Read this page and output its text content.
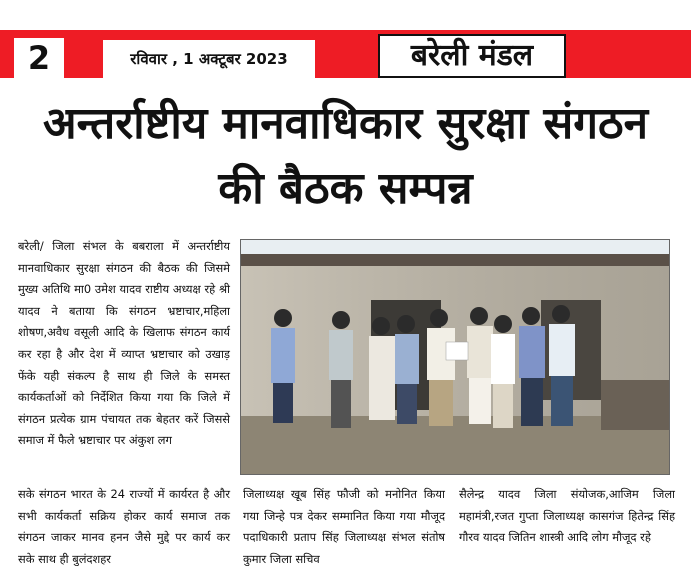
2	रविवार , 1 अक्टूबर 2023	बरेली मंडल
अन्तर्राष्टीय मानवाधिकार सुरक्षा संगठन
की बैठक सम्पन्न

बरेली/ जिला संभल के बबराला में अन्तर्राष्टीय मानवाधिकार सुरक्षा संगठन की बैठक की जिसमे मुख्य अतिथि मा0 उमेश यादव राष्टीय अध्यक्ष रहे श्री यादव ने बताया कि संगठन भ्रष्टाचार,महिला शोषण,अवैध वसूली आदि के खिलाफ संगठन कार्य कर रहा है और देश में व्याप्त भ्रष्टाचार को उखाड़ फेंके यही संकल्प है साथ ही जिले के समस्त कार्यकर्ताओं को निर्देशित किया गया कि जिले में संगठन प्रत्येक ग्राम पंचायत तक बेहतर करें जिससे समाज में फैले भ्रष्टाचार पर अंकुश लग

सके संगठन भारत के 24 राज्यों में कार्यरत है और सभी कार्यकर्ता सक्रिय होकर कार्य समाज तक संगठन जाकर मानव हनन जैसे मुद्दे पर कार्य कर सके साथ ही बुलंदशहर
जिलाध्यक्ष खूब सिंह फौजी को मनोनित किया गया जिन्हे पत्र देकर सम्मानित किया गया मौजूद पदाधिकारी प्रताप सिंह जिलाध्यक्ष संभल संतोष कुमार जिला सचिव
सैलेन्द्र यादव जिला संयोजक,आजिम जिला महामंत्री,रजत गुप्ता जिलाध्यक्ष कासगंज हितेन्द्र सिंह गौरव यादव जितिन शास्त्री आदि लोग मौजूद रहे
